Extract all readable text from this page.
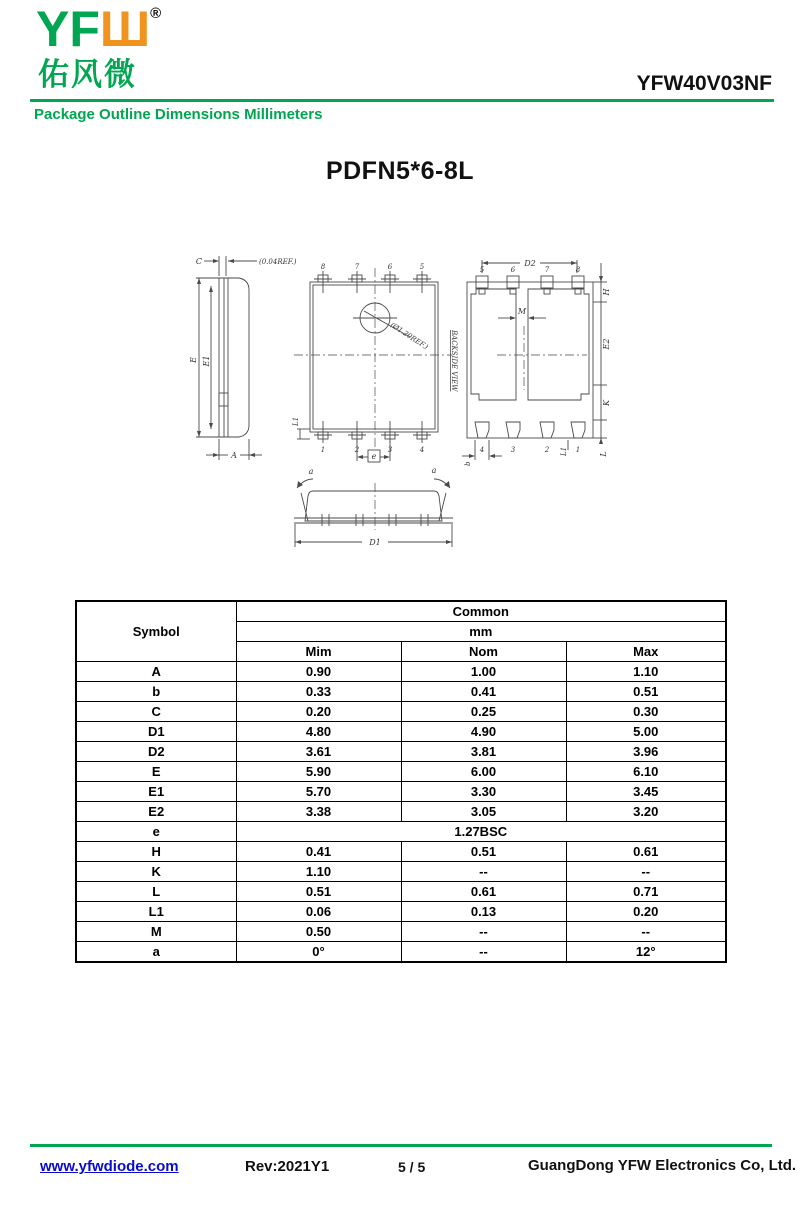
YFШ®
佑风微	YFW40V03NF
Package Outline Dimensions Millimeters
PDFN5*6-8L
C	(0.04REF.)
E E1
A
8	7	6	5
1	2	3	4
(Ø1.20REF.)
L1
e
BACKSIDE VIEW
D2
5	6	7	8
M
4	3	2	1
H
E2
K
L
L1
b
a	a
D1
Symbol	Common		
	mm		
	Mim	Nom	Max
A	0.90	1.00	1.10
b	0.33	0.41	0.51
C	0.20	0.25	0.30
D1	4.80	4.90	5.00
D2	3.61	3.81	3.96
E	5.90	6.00	6.10
E1	5.70	3.30	3.45
E2	3.38	3.05	3.20
e	1.27BSC		
H	0.41	0.51	0.61
K	1.10	--	--
L	0.51	0.61	0.71
L1	0.06	0.13	0.20
M	0.50	--	--
a	0°	--	12°
www.yfwdiode.com	Rev:2021Y1	5 / 5	GuangDong YFW Electronics Co, Ltd.
